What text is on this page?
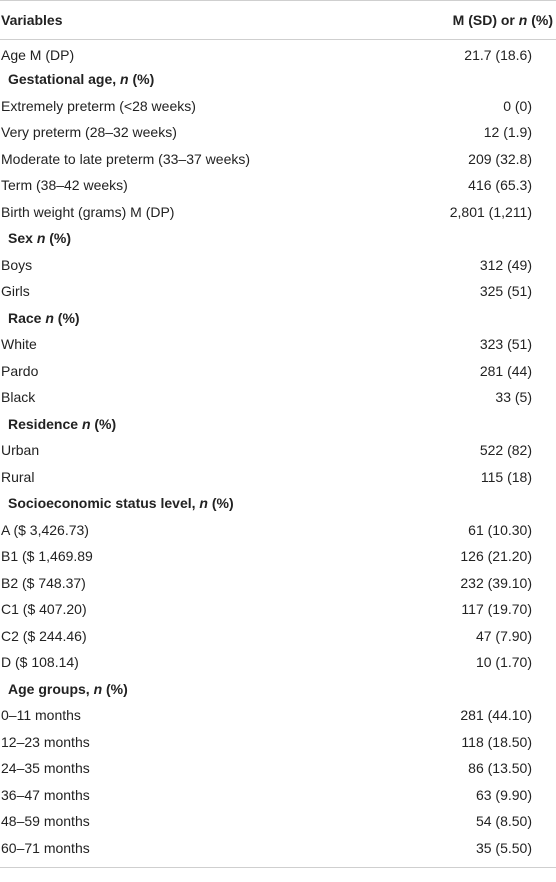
Variables	M (SD) or n (%)
Age M (DP)	21.7 (18.6)
Gestational age, n (%)	
Extremely preterm (<28 weeks)	0 (0)
Very preterm (28–32 weeks)	12 (1.9)
Moderate to late preterm (33–37 weeks)	209 (32.8)
Term (38–42 weeks)	416 (65.3)
Birth weight (grams) M (DP)	2,801 (1,211)
Sex n (%)	
Boys	312 (49)
Girls	325 (51)
Race n (%)	
White	323 (51)
Pardo	281 (44)
Black	33 (5)
Residence n (%)	
Urban	522 (82)
Rural	115 (18)
Socioeconomic status level, n (%)	
A ($ 3,426.73)	61 (10.30)
B1 ($ 1,469.89	126 (21.20)
B2 ($ 748.37)	232 (39.10)
C1 ($ 407.20)	117 (19.70)
C2 ($ 244.46)	47 (7.90)
D ($ 108.14)	10 (1.70)
Age groups, n (%)	
0–11 months	281 (44.10)
12–23 months	118 (18.50)
24–35 months	86 (13.50)
36–47 months	63 (9.90)
48–59 months	54 (8.50)
60–71 months	35 (5.50)
